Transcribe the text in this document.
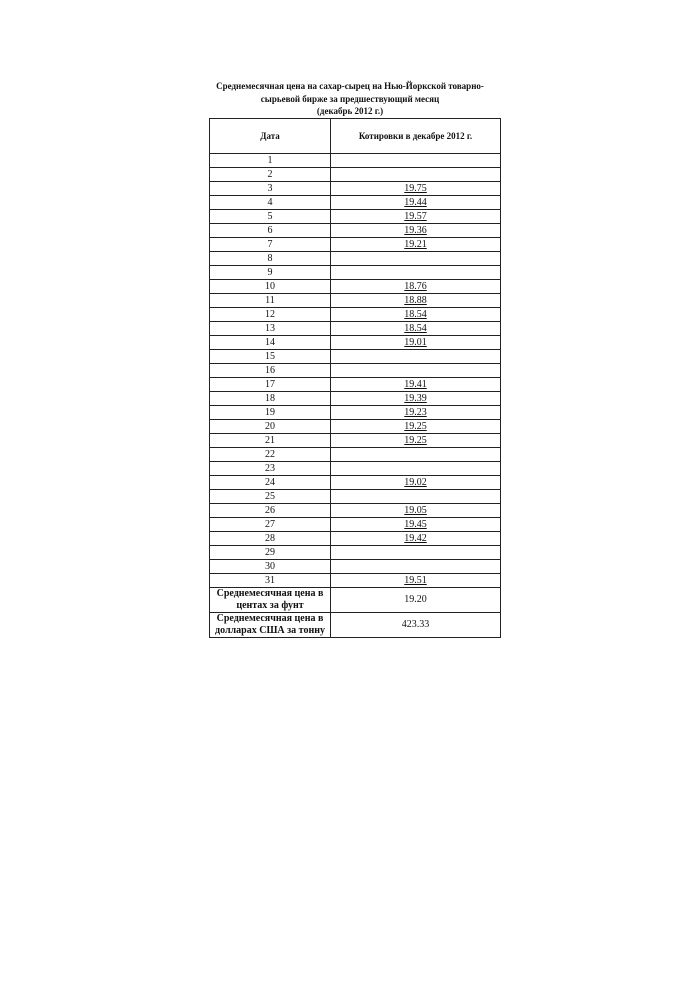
Среднемесячная цена на сахар-сырец на Нью-Йоркской товарно-
сырьевой бирже за предшествующий месяц
(декабрь 2012 г.)
Дата	Котировки в декабре 2012 г.
1	
2	
3	19.75
4	19.44
5	19.57
6	19.36
7	19.21
8	
9	
10	18.76
11	18.88
12	18.54
13	18.54
14	19.01
15	
16	
17	19.41
18	19.39
19	19.23
20	19.25
21	19.25
22	
23	
24	19.02
25	
26	19.05
27	19.45
28	19.42
29	
30	
31	19.51

Среднемесячная цена в
центах за фунт	19.20

Среднемесячная цена в
долларах США за тонну	423.33
